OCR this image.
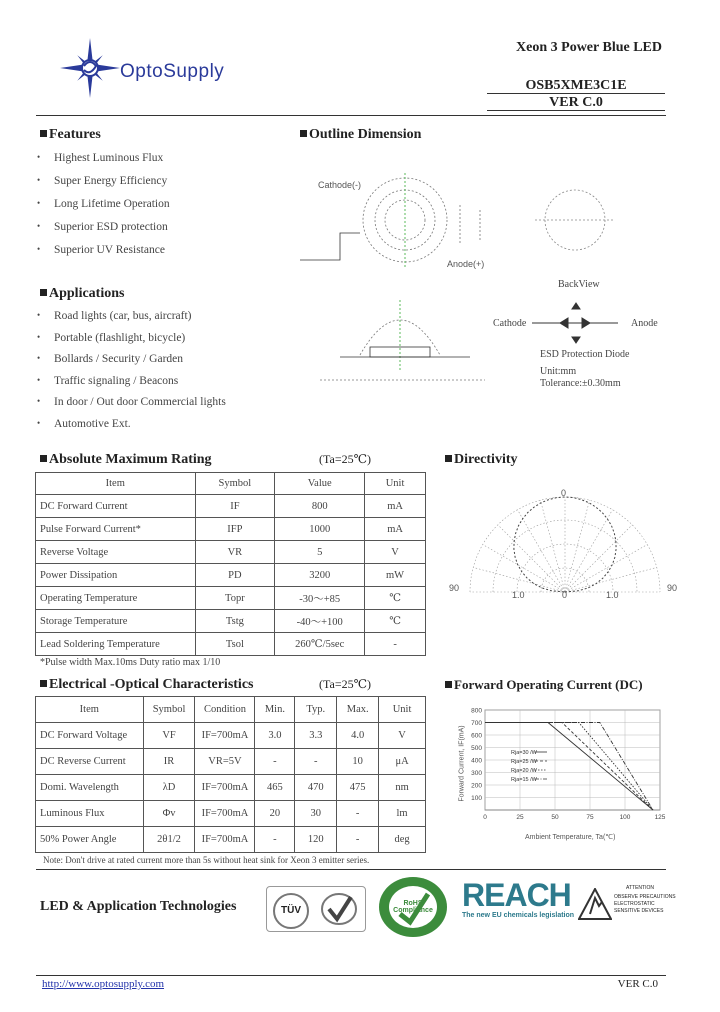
OptoSupply
Xeon 3 Power Blue LED
OSB5XME3C1E
VER C.0
Features
• Highest Luminous Flux
• Super Energy Efficiency
• Long Lifetime Operation
• Superior ESD protection
• Superior UV Resistance
Applications
• Road lights (car, bus, aircraft)
• Portable (flashlight, bicycle)
• Bollards / Security / Garden
• Traffic signaling / Beacons
• In door / Out door Commercial lights
• Automotive Ext.
Outline Dimension
Cathode(-)
Anode(+)
BackView
Cathode	Anode
ESD Protection Diode
Unit:mm
Tolerance:±0.30mm
Absolute Maximum Rating	(Ta=25℃)
Item	Symbol	Value	Unit
DC Forward Current	IF	800	mA
Pulse Forward Current*	IFP	1000	mA
Reverse Voltage	VR	5	V
Power Dissipation	PD	3200	mW
Operating Temperature	Topr	-30～+85	℃
Storage Temperature	Tstg	-40～+100	℃
Lead Soldering Temperature	Tsol	260℃/5sec	-
*Pulse width Max.10ms Duty ratio max 1/10
Directivity
0
90	90
1.0	0	1.0
Electrical -Optical Characteristics	(Ta=25℃)
Item	Symbol	Condition	Min.	Typ.	Max.	Unit
DC Forward Voltage	VF	IF=700mA	3.0	3.3	4.0	V
DC Reverse Current	IR	VR=5V	-	-	10	μA
Domi. Wavelength	λD	IF=700mA	465	470	475	nm
Luminous Flux	Φv	IF=700mA	20	30	-	lm
50% Power Angle	2θ1/2	IF=700mA	-	120	-	deg
Note: Don't drive at rated current more than 5s without heat sink for Xeon 3 emitter series.
Forward Operating Current (DC)
100
200
300
400
500
600
700
800
0	25	50	75	100	125
Rja=30 /W
Rja=25 /W
Rja=20 /W
Rja=15 /W
Ambient Temperature, Ta(℃)
Forward Current, IF(mA)
LED & Application Technologies	TÜV
RoHS Compliance REACH
The new EU chemicals legislation
ATTENTION
OBSERVE PRECAUTIONS
ELECTROSTATIC
SENSITIVE DEVICES
http://www.optosupply.com	VER C.0
